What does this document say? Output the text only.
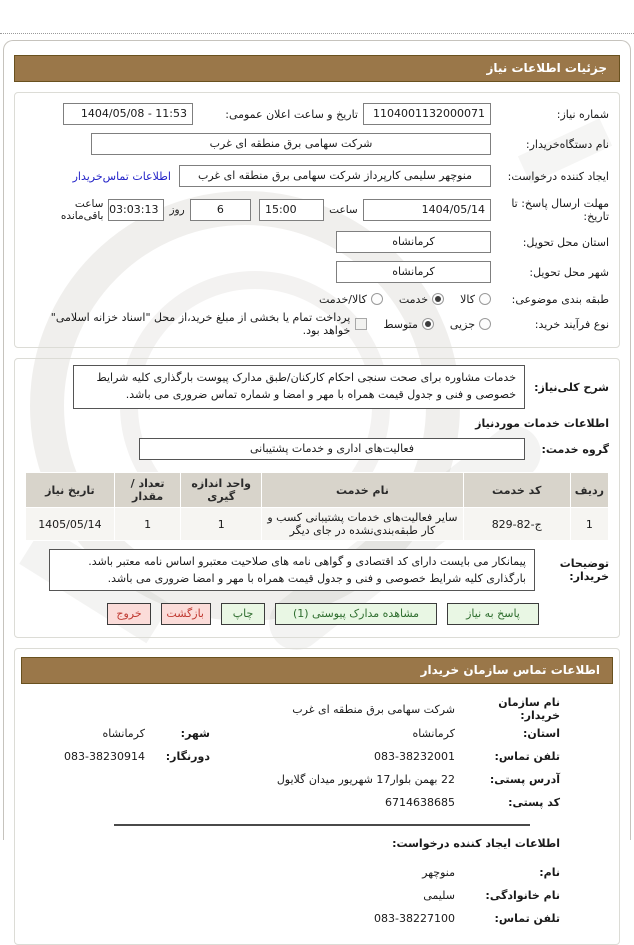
جزئیات اطلاعات نیاز
شماره نیاز:
1104001132000071
تاریخ و ساعت اعلان عمومی:
1404/05/08 - 11:53
نام دستگاه‌خریدار:
شرکت سهامی برق منطقه ای غرب
ایجاد کننده درخواست:
منوچهر سلیمی کارپرداز شرکت سهامی برق منطقه ای غرب
اطلاعات تماس‌خریدار
مهلت ارسال پاسخ: تا تاریخ:
1404/05/14
ساعت
15:00
6
روز
03:03:13
ساعت باقی‌مانده
استان محل تحویل:
کرمانشاه
شهر محل تحویل:
کرمانشاه
طبقه بندی موضوعی:
کالا
خدمت
کالا/خدمت
نوع فرآیند خرید:
جزیی
متوسط
پرداخت تمام یا بخشی از مبلغ خرید،از محل "اسناد خزانه اسلامی" خواهد بود.
شرح کلی‌نیاز:
خدمات مشاوره برای صحت سنجی احکام کارکنان/طبق مدارک پیوست بارگذاری کلیه شرایط خصوصی و فنی و جدول قیمت همراه با مهر و امضا و شماره تماس ضروری می باشد.
اطلاعات خدمات موردنیاز
گروه خدمت:
فعالیت‌های اداری و خدمات پشتیبانی
ردیف	کد خدمت	نام خدمت	واحد اندازه گیری	تعداد / مقدار	تاریخ نیاز
1	829-82-ج	سایر فعالیت‌های خدمات پشتیبانی کسب و کار طبقه‌بندی‌نشده در جای دیگر	1	1	1405/05/14
توضیحات خریدار:
پیمانکار می بایست دارای کد اقتصادی و گواهی نامه های صلاحیت معتبرو اساس نامه معتبر باشد. بارگذاری کلیه شرایط خصوصی و فنی و جدول قیمت همراه با مهر و امضا ضروری می باشد.
پاسخ به نیاز
مشاهده مدارک پیوستی (1)
چاپ
بازگشت
خروج
اطلاعات تماس سازمان خریدار
نام سازمان خریدار:
شرکت سهامی برق منطقه ای غرب
استان:
کرمانشاه
شهر:
کرمانشاه
تلفن تماس:
083-38232001
دورنگار:
083-38230914
آدرس پستی:
22 بهمن بلوار17 شهریور میدان گلایول
کد پستی:
6714638685
اطلاعات ایجاد کننده درخواست:
نام:
منوچهر
نام خانوادگی:
سلیمی
تلفن تماس:
083-38227100
